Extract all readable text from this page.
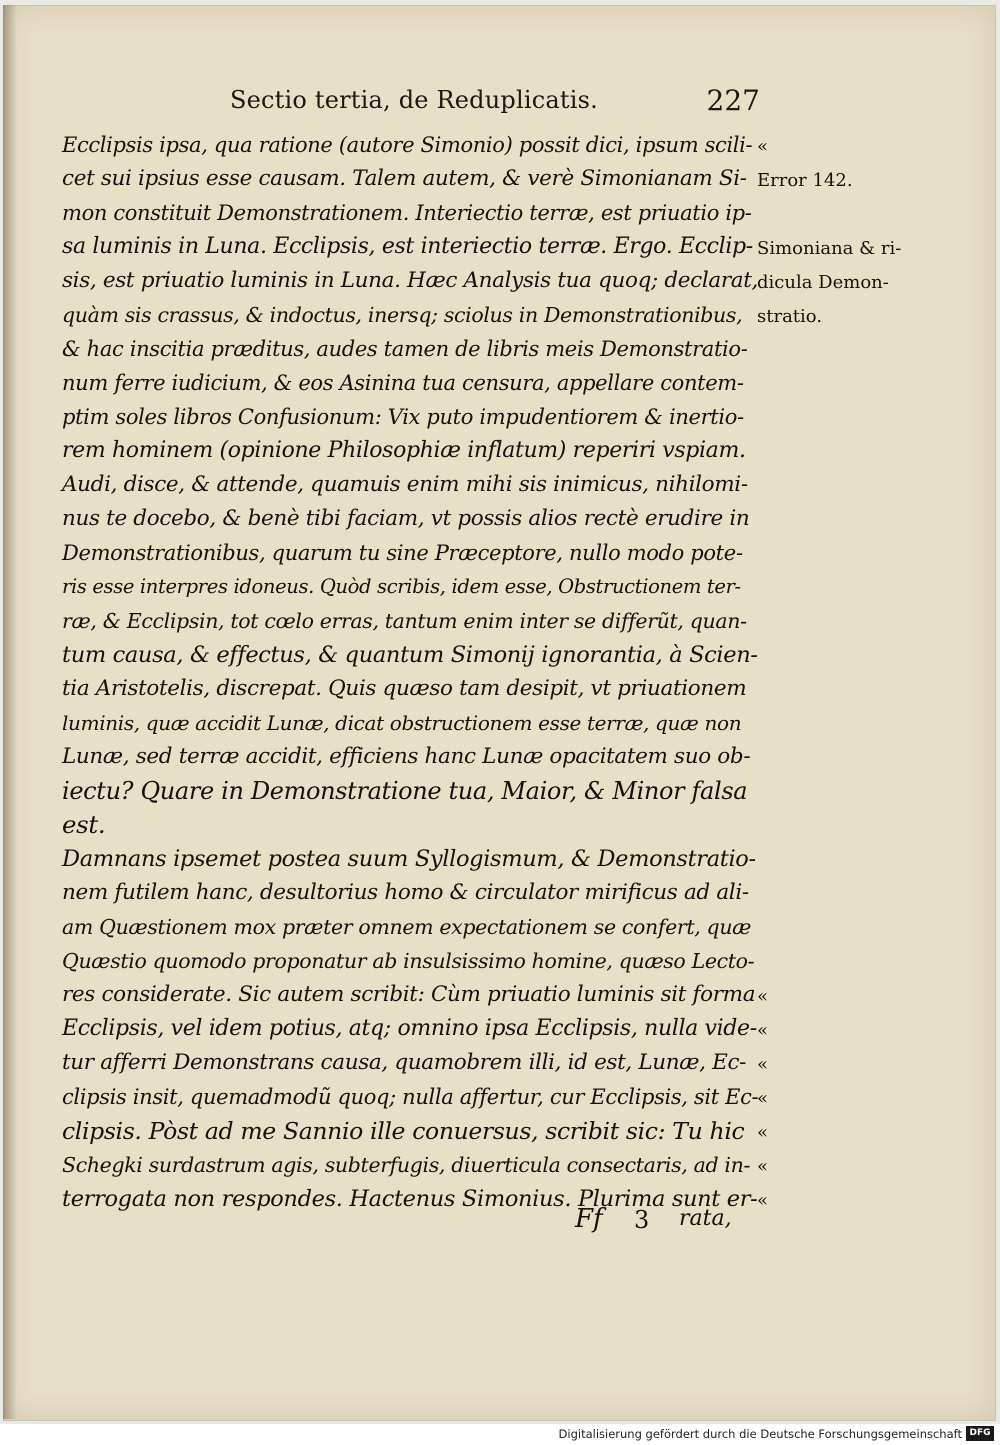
Sectio tertia, de Reduplicatis.	227
Ecclipsis ipsa, qua ratione (autore Simonio) possit dici, ipsum scili-
cet sui ipsius esse causam. Talem autem, & verè Simonianam Si-
mon constituit Demonstrationem. Interiectio terræ, est priuatio ip-
sa luminis in Luna. Ecclipsis, est interiectio terræ. Ergo. Ecclip-
sis, est priuatio luminis in Luna. Hæc Analysis tua quoq; declarat,
quàm sis crassus, & indoctus, inersq; sciolus in Demonstrationibus,
& hac inscitia præditus, audes tamen de libris meis Demonstratio-
num ferre iudicium, & eos Asinina tua censura, appellare contem-
ptim soles libros Confusionum: Vix puto impudentiorem & inertio-
rem hominem (opinione Philosophiæ inflatum) reperiri vspiam.
Audi, disce, & attende, quamuis enim mihi sis inimicus, nihilomi-
nus te docebo, & benè tibi faciam, vt possis alios rectè erudire in
Demonstrationibus, quarum tu sine Præceptore, nullo modo pote-
ris esse interpres idoneus. Quòd scribis, idem esse, Obstructionem ter-
ræ, & Ecclipsin, tot cœlo erras, tantum enim inter se differũt, quan-
tum causa, & effectus, & quantum Simonij ignorantia, à Scien-
tia Aristotelis, discrepat. Quis quæso tam desipit, vt priuationem
luminis, quæ accidit Lunæ, dicat obstructionem esse terræ, quæ non
Lunæ, sed terræ accidit, efficiens hanc Lunæ opacitatem suo ob-
iectu? Quare in Demonstratione tua, Maior, & Minor falsa
est.
Damnans ipsemet postea suum Syllogismum, & Demonstratio-
nem futilem hanc, desultorius homo & circulator mirificus ad ali-
am Quæstionem mox præter omnem expectationem se confert, quæ
Quæstio quomodo proponatur ab insulsissimo homine, quæso Lecto-
res considerate. Sic autem scribit: Cùm priuatio luminis sit forma
Ecclipsis, vel idem potius, atq; omnino ipsa Ecclipsis, nulla vide-
tur afferri Demonstrans causa, quamobrem illi, id est, Lunæ, Ec-
clipsis insit, quemadmodũ quoq; nulla affertur, cur Ecclipsis, sit Ec-
clipsis. Pòst ad me Sannio ille conuersus, scribit sic: Tu hic
Schegki surdastrum agis, subterfugis, diuerticula consectaris, ad in-
terrogata non respondes. Hactenus Simonius. Plurima sunt er-
«
Error 142.
Simoniana & ri-
dicula Demon-
stratio.
«
«
«
«
«
«
«
Ff 3 rata,
Digitalisierung gefördert durch die Deutsche Forschungsgemeinschaft DFG
